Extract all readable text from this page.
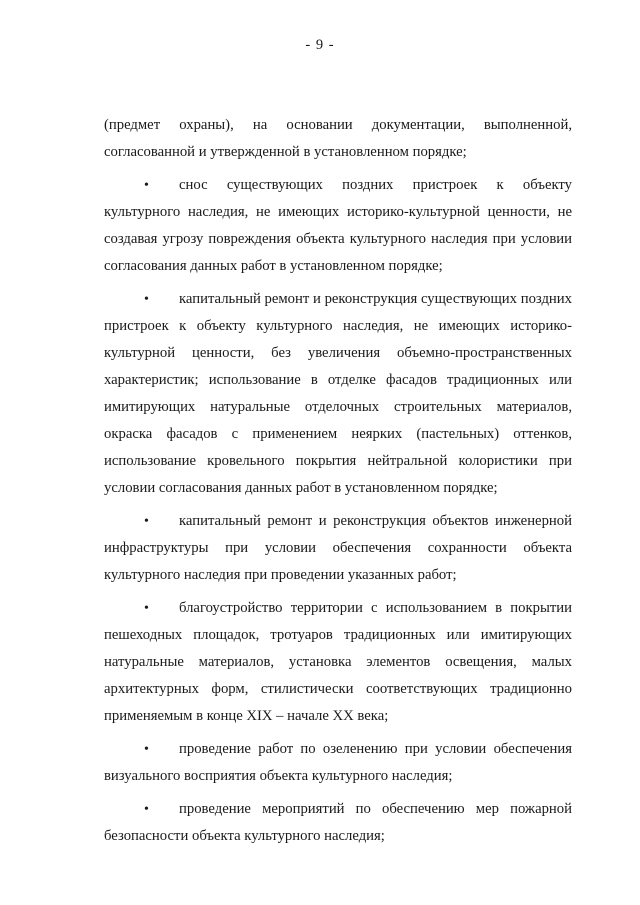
- 9 -

(предмет охраны), на основании документации, выполненной, согласованной и утвержденной в установленном порядке;

• снос существующих поздних пристроек к объекту культурного наследия, не имеющих историко-культурной ценности, не создавая угрозу повреждения объекта культурного наследия при условии согласования данных работ в установленном порядке;

• капитальный ремонт и реконструкция существующих поздних пристроек к объекту культурного наследия, не имеющих историко-культурной ценности, без увеличения объемно-пространственных характеристик; использование в отделке фасадов традиционных или имитирующих натуральные отделочных строительных материалов, окраска фасадов с применением неярких (пастельных) оттенков, использование кровельного покрытия нейтральной колористики при условии согласования данных работ в установленном порядке;

• капитальный ремонт и реконструкция объектов инженерной инфраструктуры при условии обеспечения сохранности объекта культурного наследия при проведении указанных работ;

• благоустройство территории с использованием в покрытии пешеходных площадок, тротуаров традиционных или имитирующих натуральные материалов, установка элементов освещения, малых архитектурных форм, стилистически соответствующих традиционно применяемым в конце XIX – начале XX века;

• проведение работ по озеленению при условии обеспечения визуального восприятия объекта культурного наследия;

• проведение мероприятий по обеспечению мер пожарной безопасности объекта культурного наследия;
